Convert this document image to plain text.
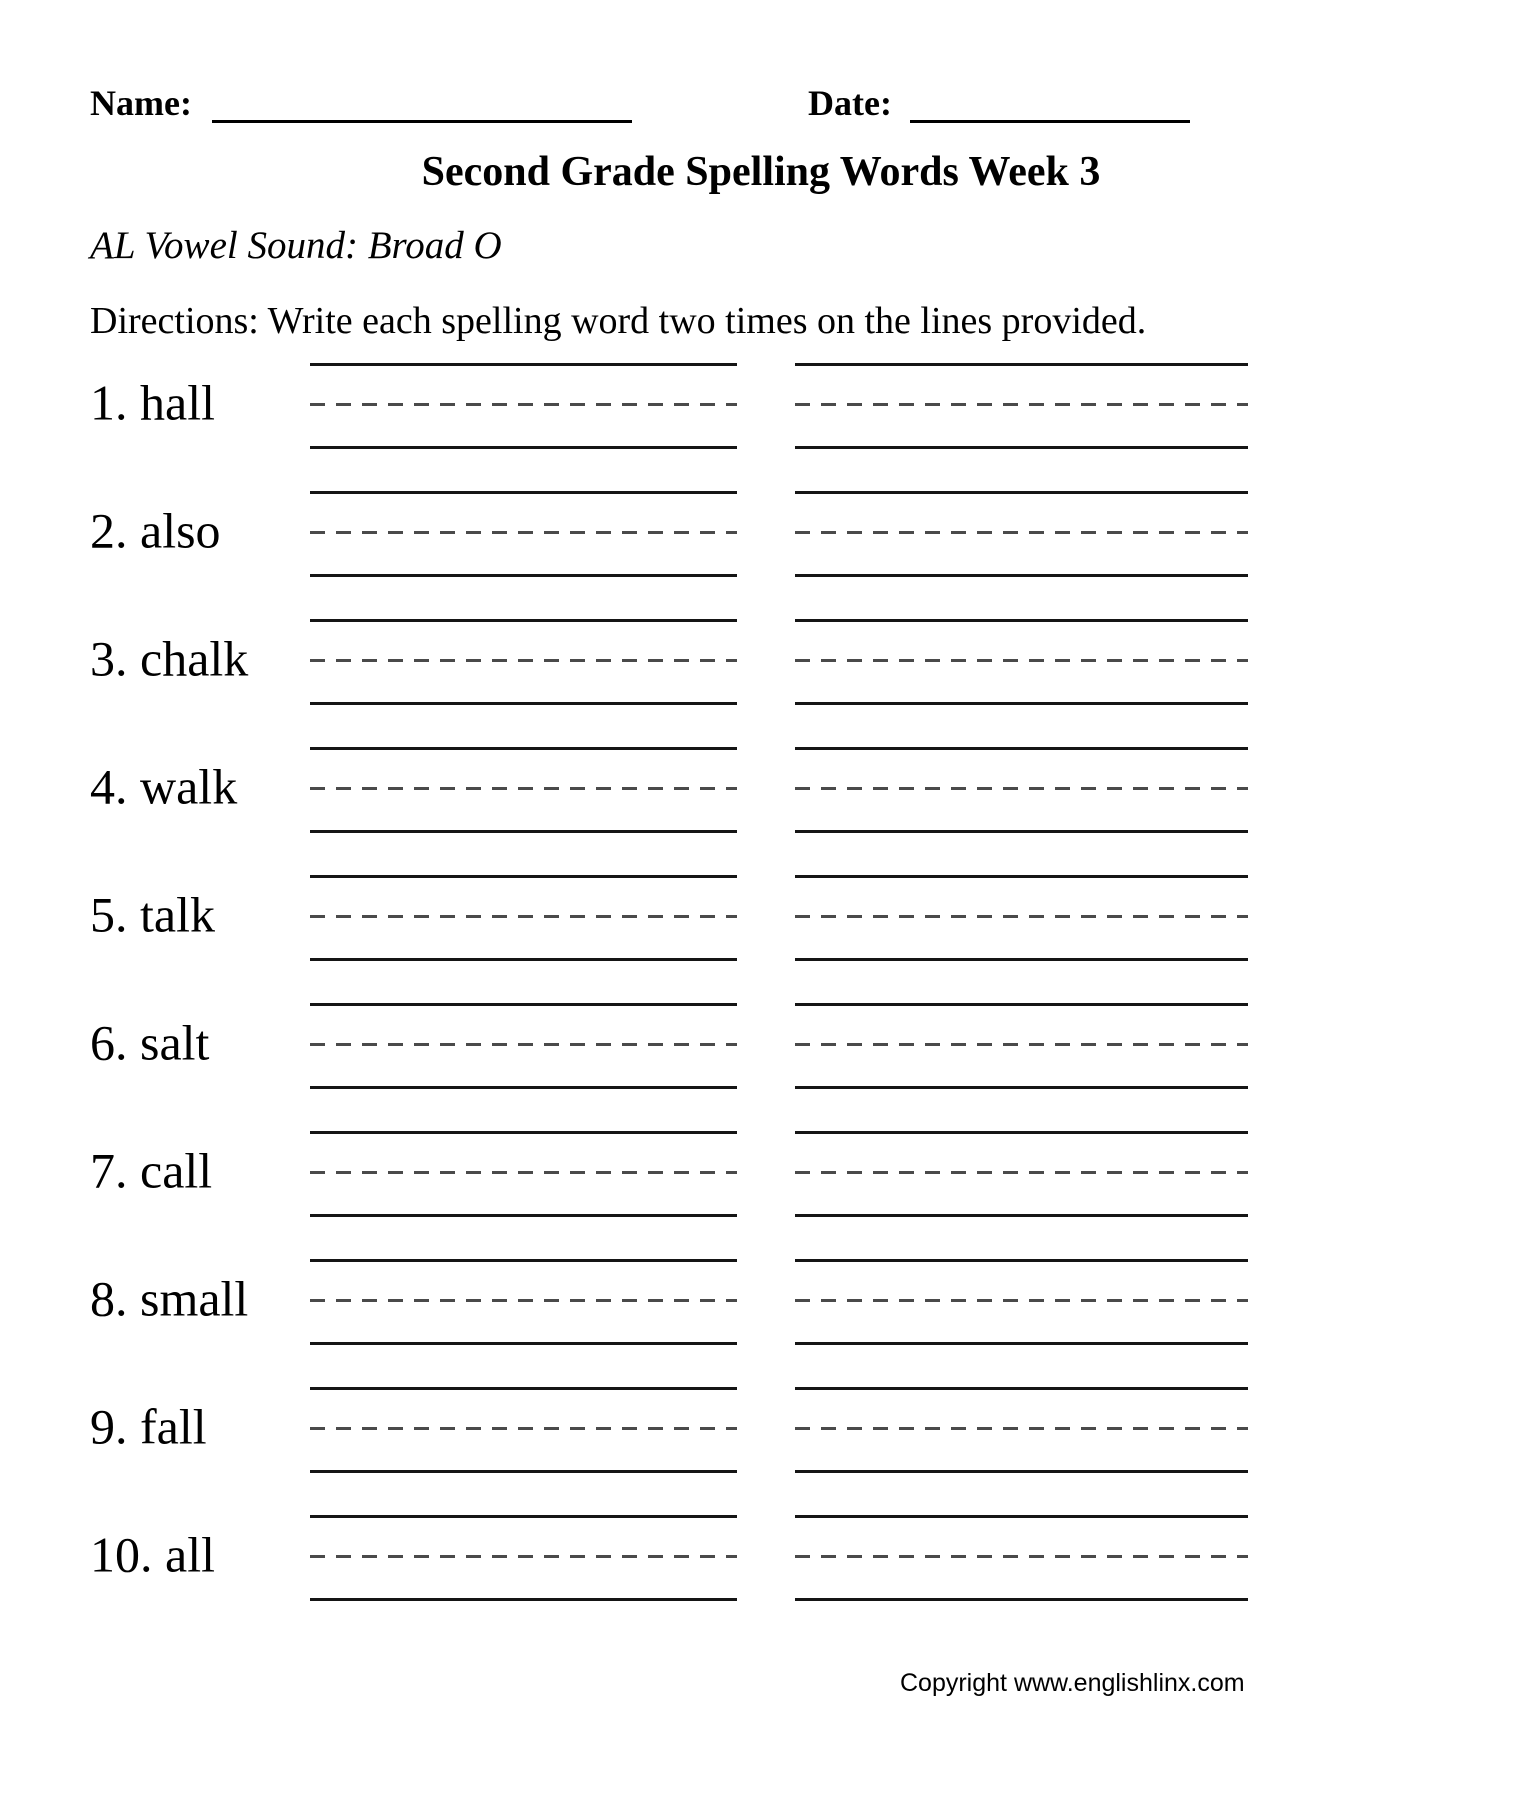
Name:	Date:
Second Grade Spelling Words Week 3
AL Vowel Sound: Broad O
Directions: Write each spelling word two times on the lines provided.
1. hall
2. also
3. chalk
4. walk
5. talk
6. salt
7. call
8. small
9. fall
10. all
Copyright www.englishlinx.com
